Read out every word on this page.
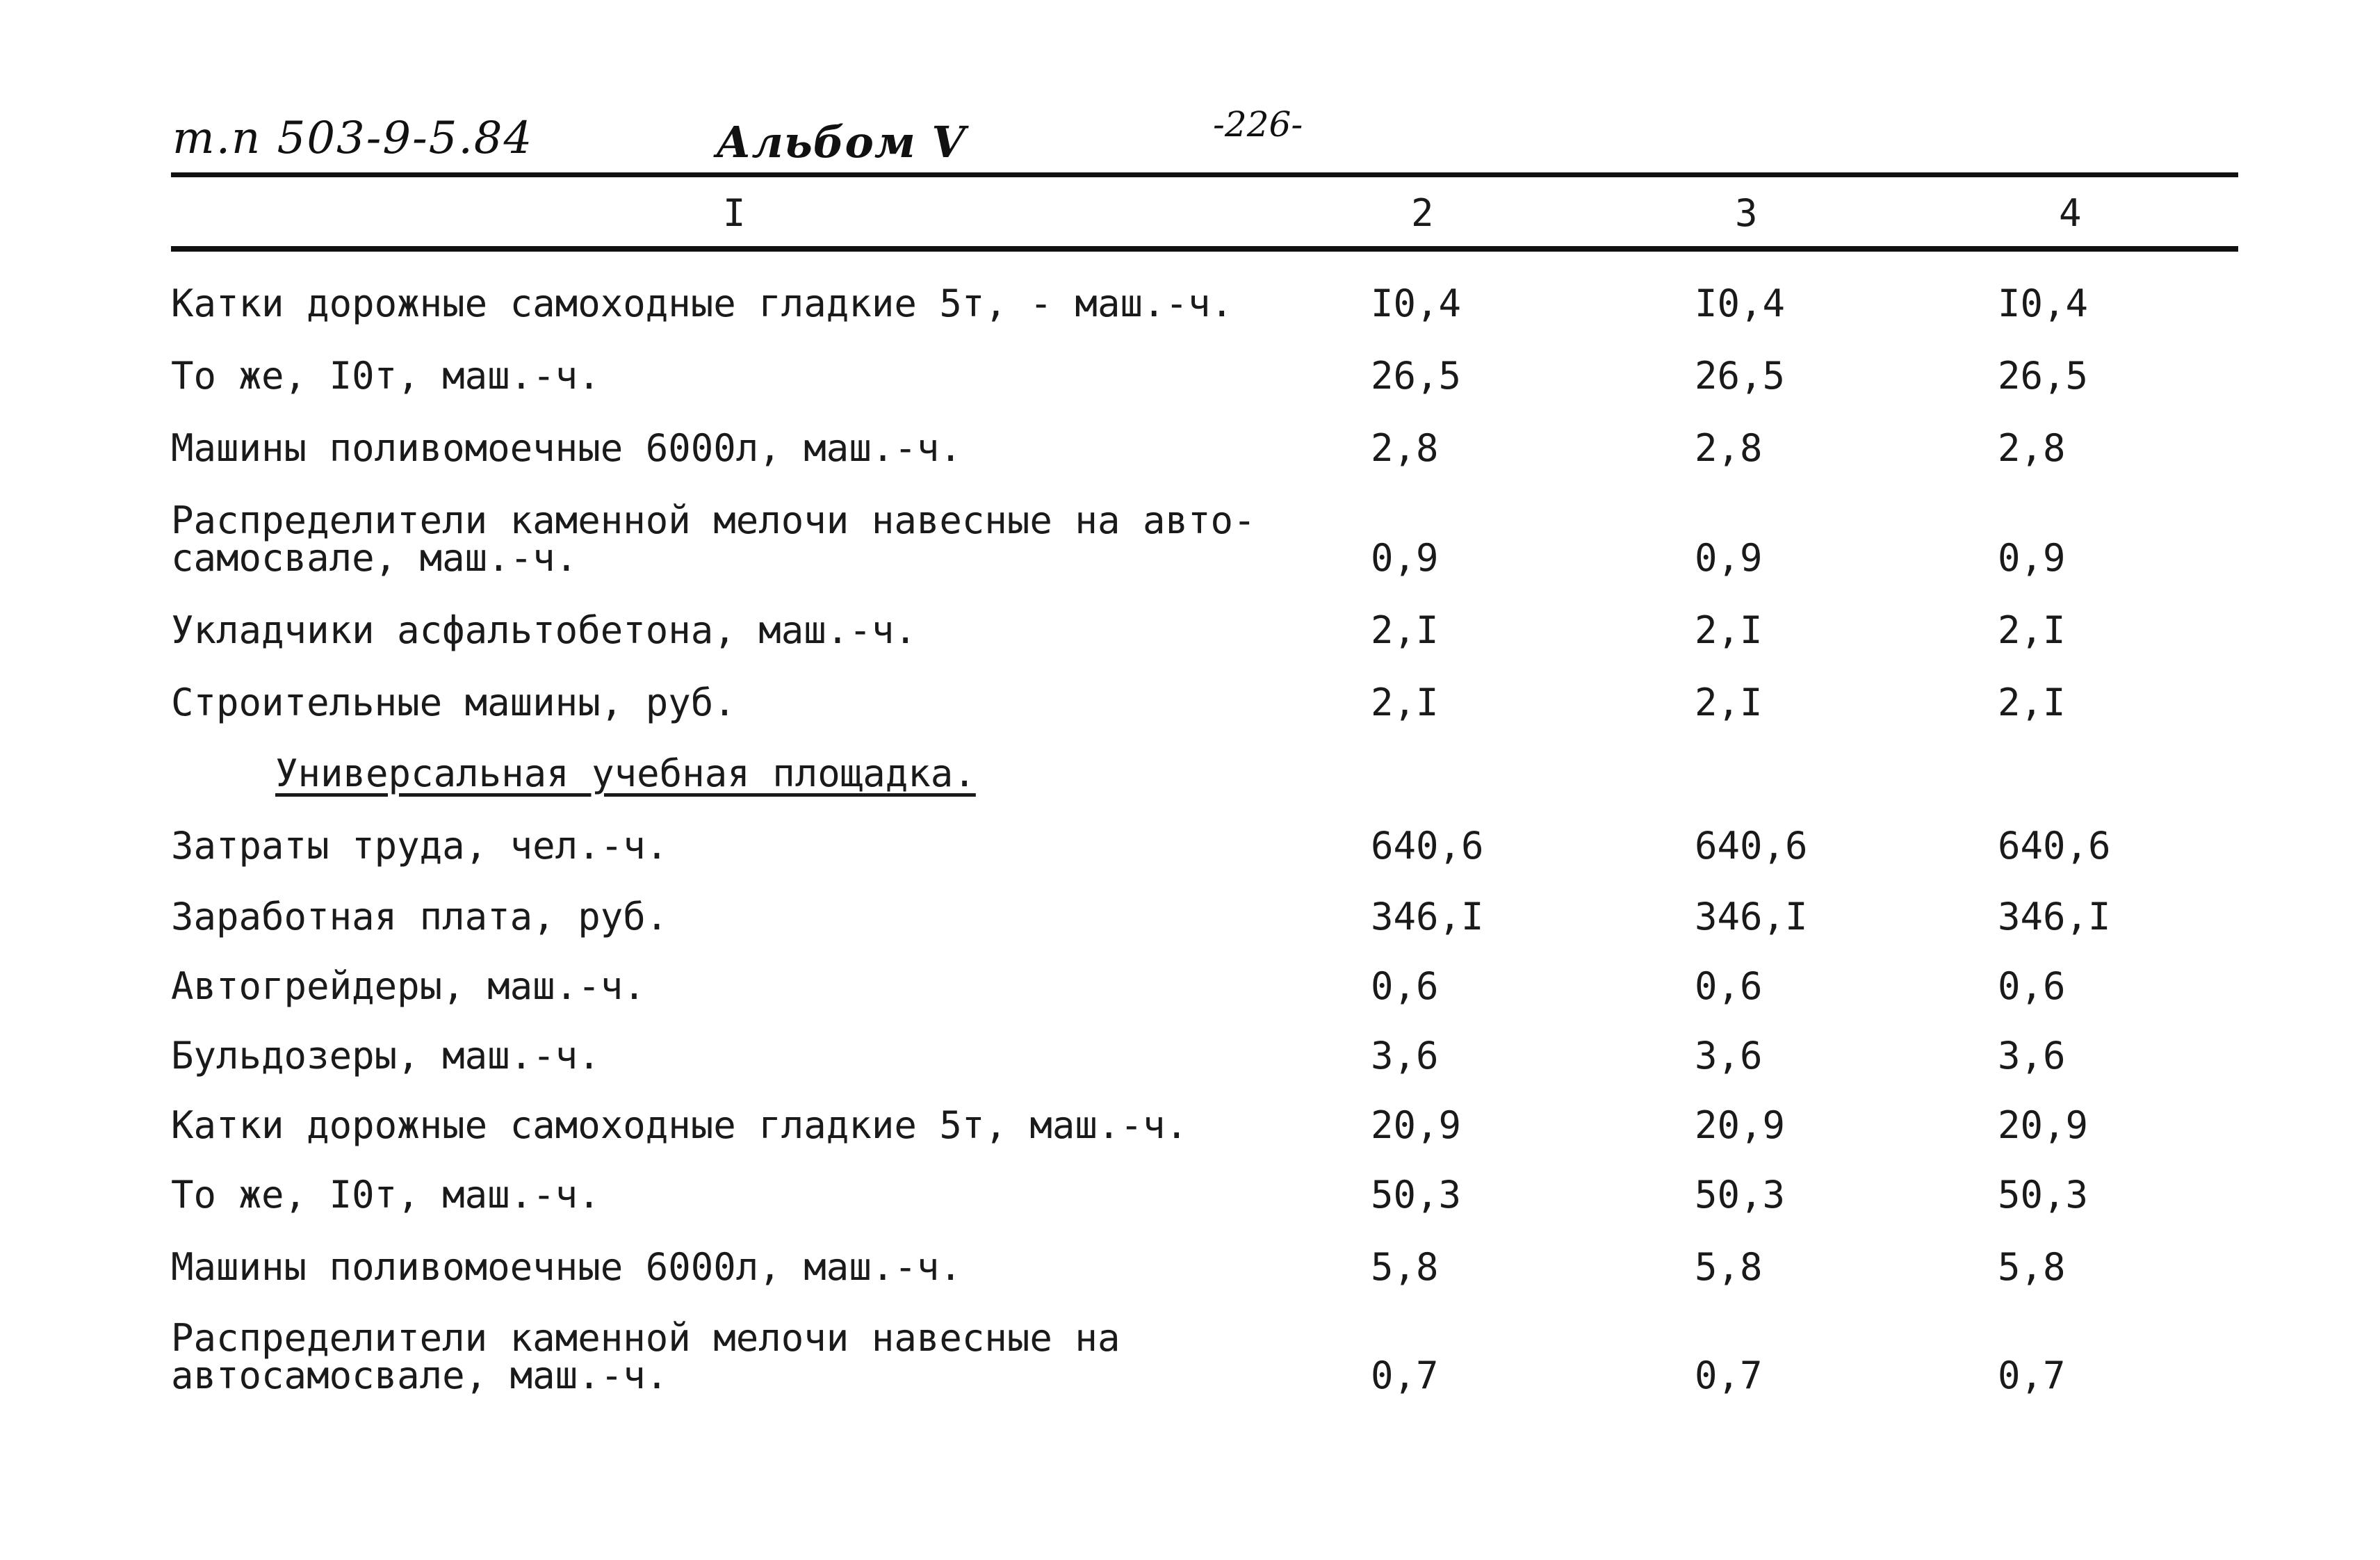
т.п 503-9-5.84	Альбом V	-226-
I	2	3	4
Катки дорожные самоходные гладкие 5т, - маш.-ч.	I0,4	I0,4	I0,4
То же, I0т, маш.-ч.	26,5	26,5	26,5
Машины поливомоечные 6000л, маш.-ч.	2,8	2,8	2,8
Распределители каменной мелочи навесные на авто-
самосвале, маш.-ч.	0,9	0,9	0,9
Укладчики асфальтобетона, маш.-ч.	2,I	2,I	2,I
Строительные машины, руб.	2,I	2,I	2,I
Универсальная учебная площадка.
Затраты труда, чел.-ч.	640,6	640,6	640,6
Заработная плата, руб.	346,I	346,I	346,I
Автогрейдеры, маш.-ч.	0,6	0,6	0,6
Бульдозеры, маш.-ч.	3,6	3,6	3,6
Катки дорожные самоходные гладкие 5т, маш.-ч.	20,9	20,9	20,9
То же, I0т, маш.-ч.	50,3	50,3	50,3
Машины поливомоечные 6000л, маш.-ч.	5,8	5,8	5,8
Распределители каменной мелочи навесные на
автосамосвале, маш.-ч.	0,7	0,7	0,7
